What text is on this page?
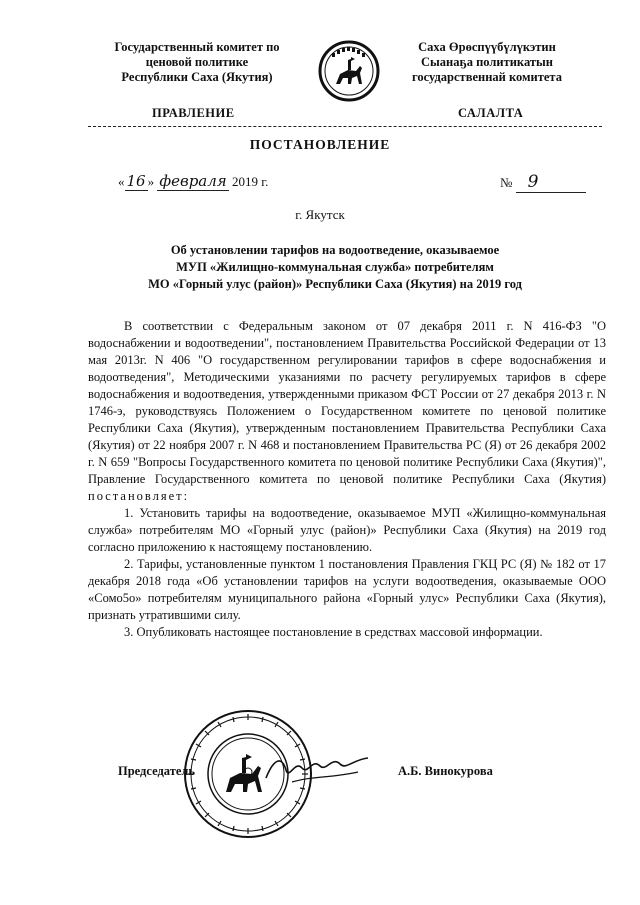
Государственный комитет по
ценовой политике
Республики Саха (Якутия)
Саха Өрөспүүбүлүкэтин
Сыанаҕа политикатын
государственнай комитета
ПРАВЛЕНИЕ	САЛАЛТА
ПОСТАНОВЛЕНИЕ
« 16 » февраля 2019 г.	№ 9
г. Якутск
Об установлении тарифов на водоотведение, оказываемое
МУП «Жилищно-коммунальная служба» потребителям
МО «Горный улус (район)» Республики Саха (Якутия) на 2019 год

В соответствии с Федеральным законом от 07 декабря 2011 г. N 416-ФЗ "О водоснабжении и водоотведении", постановлением Правительства Российской Федерации от 13 мая 2013г. N 406 "О государственном регулировании тарифов в сфере водоснабжения и водоотведения", Методическими указаниями по расчету регулируемых тарифов в сфере водоснабжения и водоотведения, утвержденными приказом ФСТ России от 27 декабря 2013 г. N 1746-э, руководствуясь Положением о Государственном комитете по ценовой политике Республики Саха (Якутия), утвержденным постановлением Правительства Республики Саха (Якутия) от 22 ноября 2007 г. N 468 и постановлением Правительства РС (Я) от 26 декабря 2002 г. N 659 "Вопросы Государственного комитета по ценовой политике Республики Саха (Якутия)", Правление Государственного комитета по ценовой политике Республики Саха (Якутия) постановляет:

1. Установить тарифы на водоотведение, оказываемое МУП «Жилищно-коммунальная служба» потребителям МО «Горный улус (район)» Республики Саха (Якутия) на 2019 год согласно приложению к настоящему постановлению.

2. Тарифы, установленные пунктом 1 постановления Правления ГКЦ РС (Я) № 182 от 17 декабря 2018 года «Об установлении тарифов на услуги водоотведения, оказываемые ООО «Сомо5о» потребителям муниципального района «Горный улус» Республики Саха (Якутия), признать утратившими силу.

3. Опубликовать настоящее постановление в средствах массовой информации.

Председатель	А.Б. Винокурова
